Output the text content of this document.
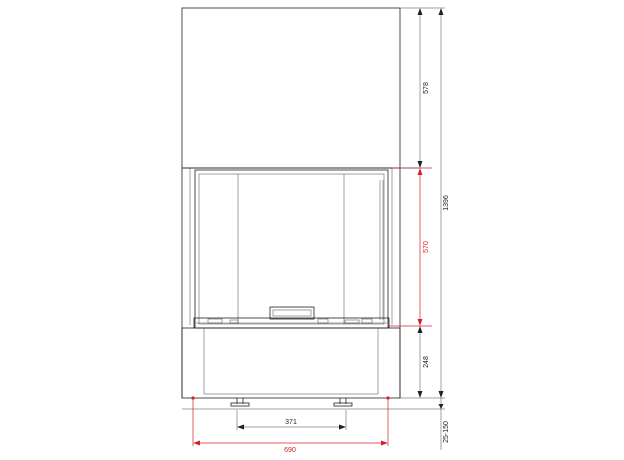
578
1396
570
248
371
690
25-150
